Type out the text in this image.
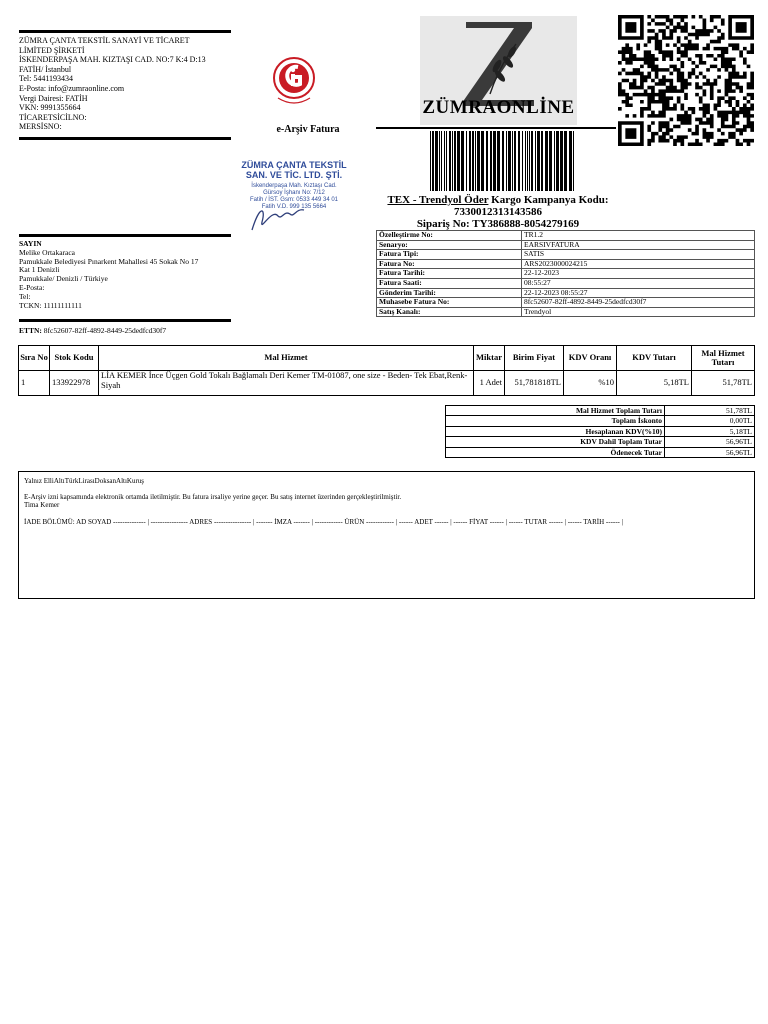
ZÜMRA ÇANTA TEKSTİL SANAYİ VE TİCARET
LİMİTED ŞİRKETİ
İSKENDERPAŞA MAH. KIZTAŞI CAD. NO:7 K:4 D:13
FATİH/ İstanbul
Tel: 5441193434
E-Posta: info@zumraonline.com
Vergi Dairesi: FATİH
VKN: 9991355664
TİCARETSİCİLNO:
MERSİSNO:	e-Arşiv Fatura
ZÜMRA ÇANTA TEKSTİL
SAN. VE TİC. LTD. ŞTİ.
İskenderpaşa Mah. Kıztaşı Cad.
Gürsoy İşhanı No: 7/12
Fatih / İST. Gsm: 0533 449 34 01
Fatih V.D. 999 135 5664
ZÜMRAONLİNE
TEX - Trendyol Öder Kargo Kampanya Kodu:
7330012313143586
Sipariş No: TY386888-8054279169
SAYIN
Melike Ortakaraca
Pamukkale Belediyesi Pınarkent Mahallesi 45 Sokak No 17
Kat 1 Denizli
Pamukkale/ Denizli / Türkiye
E-Posta:
Tel:
TCKN: 11111111111
ETTN: 8fc52607-82ff-4892-8449-25dedfcd30f7
Özelleştirme No:	TR1.2
Senaryo:	EARSIVFATURA
Fatura Tipi:	SATIS
Fatura No:	ARS2023000024215
Fatura Tarihi:	22-12-2023
Fatura Saati:	08:55:27
Gönderim Tarihi:	22-12-2023 08:55:27
Muhasebe Fatura No:	8fc52607-82ff-4892-8449-25dedfcd30f7
Satış Kanalı:	Trendyol
Sıra No	Stok Kodu	Mal Hizmet	Miktar	Birim Fiyat	KDV Oranı	KDV Tutarı	Mal Hizmet Tutarı
1	133922978	LİA KEMER İnce Üçgen Gold Tokalı Bağlamalı Deri Kemer TM-01087, one size - Beden- Tek Ebat,Renk- Siyah	1 Adet	51,781818TL	%10	5,18TL	51,78TL
Mal Hizmet Toplam Tutarı	51,78TL
Toplam İskonto	0,00TL
Hesaplanan KDV(%10)	5,18TL
KDV Dahil Toplam Tutar	56,96TL
Ödenecek Tutar	56,96TL
Yalnız ElliAltıTürkLirasıDoksanAltıKuruş
E-Arşiv izni kapsamında elektronik ortamda iletilmiştir. Bu fatura irsaliye yerine geçer. Bu satış internet üzerinden gerçekleştirilmiştir.
Tima Kemer
İADE BÖLÜMÜ: AD SOYAD -------------- | ---------------- ADRES ---------------- | ------- İMZA ------- | ------------ ÜRÜN ------------ | ------ ADET ------ | ------ FİYAT ------ | ------ TUTAR ------ | ------ TARİH ------ |
